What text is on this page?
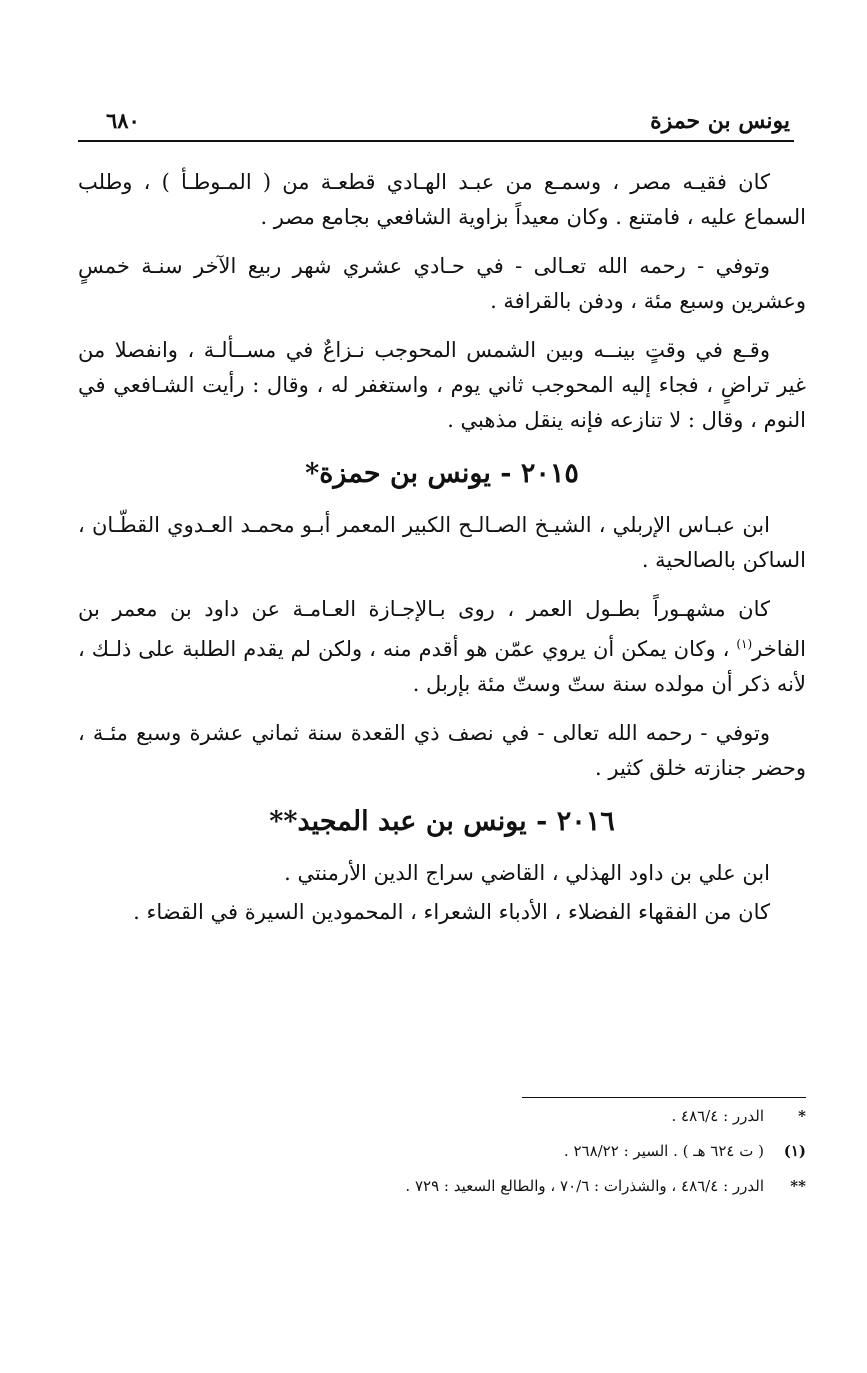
يونس بن حمزة
٦٨٠

كان فقيـه مصر ، وسمـع من عبـد الهـادي قطعـة من ( المـوطـأ ) ، وطلب السماع عليه ، فامتنع . وكان معيداً بزاوية الشافعي بجامع مصر .

وتوفي - رحمه الله تعـالى - في حـادي عشري شهر ربيع الآخر سنـة خمسٍ وعشرين وسبع مئة ، ودفن بالقرافة .

وقـع في وقتٍ بينــه وبين الشمس المحوجب نـزاعٌ في مســألـة ، وانفصلا من غير تراضٍ ، فجاء إليه المحوجب ثاني يوم ، واستغفر له ، وقال : رأيت الشـافعي في النوم ، وقال : لا تنازعه فإنه ينقل مذهبي .

٢٠١٥ - يونس بن حمزة*

ابن عبـاس الإربلي ، الشيـخ الصـالـح الكبير المعمر أبـو محمـد العـدوي القطّـان ، الساكن بالصالحية .

كان مشهـوراً بطـول العمر ، روى بـالإجـازة العـامـة عن داود بن معمر بن الفاخر$^{(١)}$ ، وكان يمكن أن يروي عمّن هو أقدم منه ، ولكن لم يقدم الطلبة على ذلـك ، لأنه ذكر أن مولده سنة ستّ وستّ مئة بإربل .

وتوفي - رحمه الله تعالى - في نصف ذي القعدة سنة ثماني عشرة وسبع مئـة ، وحضر جنازته خلق كثير .

٢٠١٦ - يونس بن عبد المجيد**

ابن علي بن داود الهذلي ، القاضي سراج الدين الأرمنتي .

كان من الفقهاء الفضلاء ، الأدباء الشعراء ، المحمودين السيرة في القضاء .

*
الدرر : ٤٨٦/٤ .
(١)
( ت ٦٢٤ هـ ) . السير : ٢٦٨/٢٢ .
**
الدرر : ٤٨٦/٤ ، والشذرات : ٧٠/٦ ، والطالع السعيد : ٧٢٩ .
